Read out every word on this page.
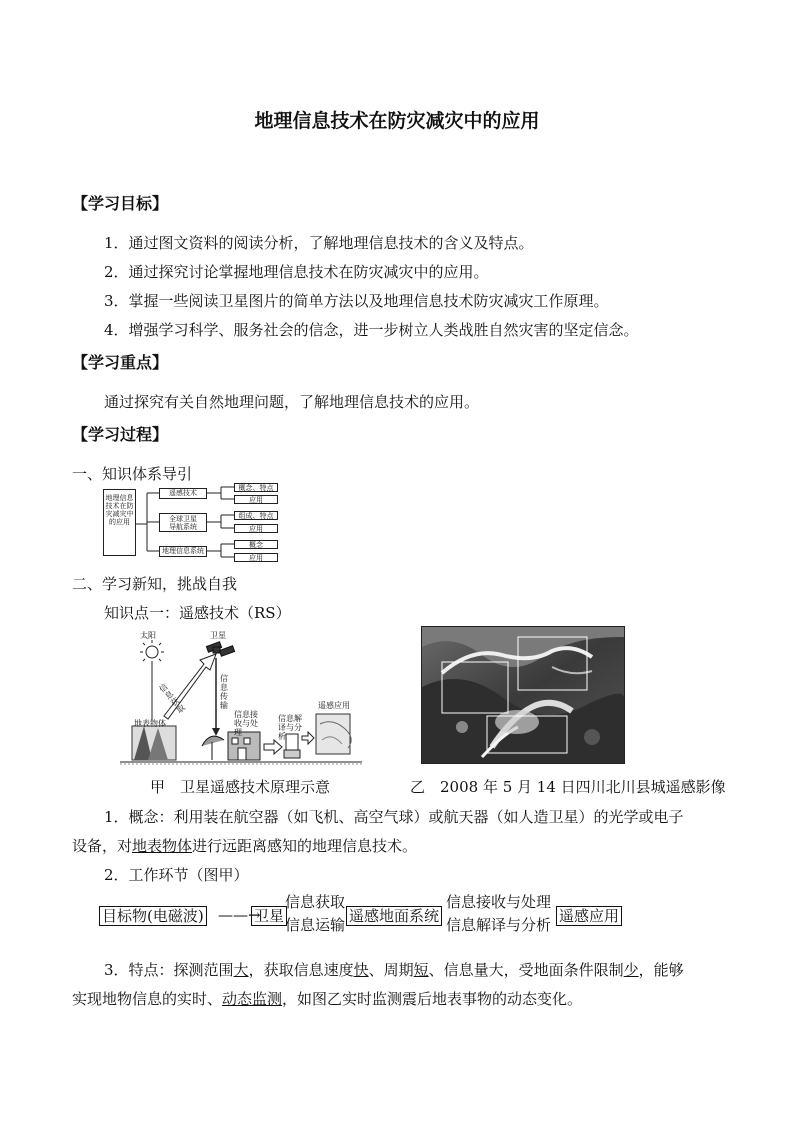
地理信息技术在防灾减灾中的应用
【学习目标】
1．通过图文资料的阅读分析，了解地理信息技术的含义及特点。
2．通过探究讨论掌握地理信息技术在防灾减灾中的应用。
3．掌握一些阅读卫星图片的简单方法以及地理信息技术防灾减灾工作原理。
4．增强学习科学、服务社会的信念，进一步树立人类战胜自然灾害的坚定信念。
【学习重点】
通过探究有关自然地理问题，了解地理信息技术的应用。
【学习过程】
一、知识体系导引
地理信息技术在防灾减灾中的应用
遥感技术
全球卫星导航系统
地理信息系统
概念、特点
应用
组成、特点
应用
概念
应用
二、学习新知，挑战自我
知识点一：遥感技术（RS）
太阳	卫星
信息获取
信息传输
地表物体
信息接收与处理
信息解译与分析
遥感应用
甲　卫星遥感技术原理示意	乙　2008 年 5 月 14 日四川北川县城遥感影像
1．概念：利用装在航空器（如飞机、高空气球）或航天器（如人造卫星）的光学或电子
设备，对地表物体进行远距离感知的地理信息技术。
2．工作环节（图甲）
目标物(电磁波) ——→
卫星
信息获取
信息运输 遥感地面系统
信息接收与处理
信息解译与分析 遥感应用
3．特点：探测范围大，获取信息速度快、周期短、信息量大，受地面条件限制少，能够
实现地物信息的实时、动态监测，如图乙实时监测震后地表事物的动态变化。
